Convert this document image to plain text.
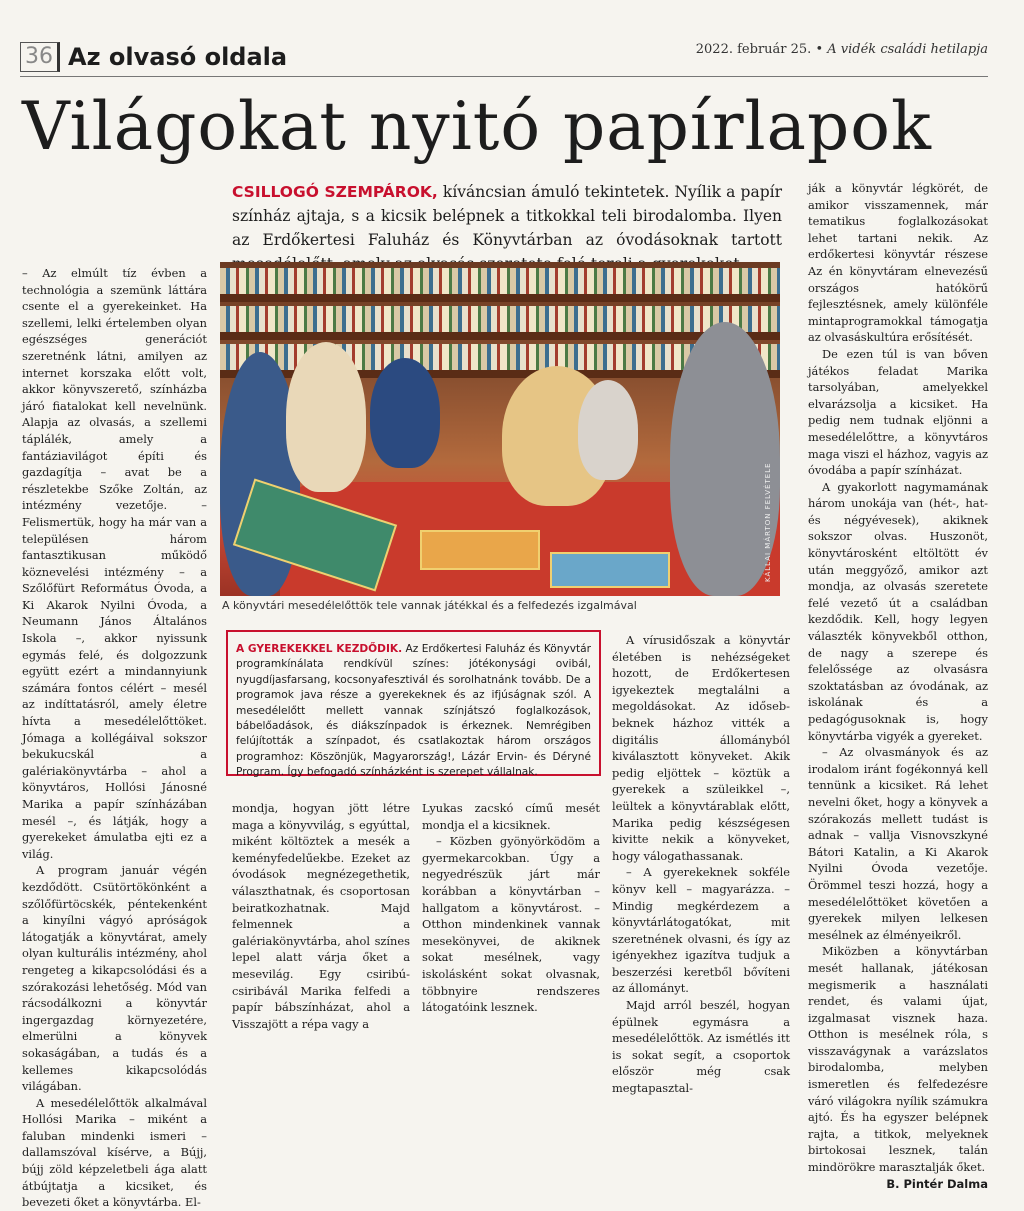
36 Az olvasó oldala	2022. február 25. • A vidék családi hetilapja
Világokat nyitó papírlapok

CSILLOGÓ SZEMPÁROK, kíváncsian ámuló tekintetek. Nyílik a papír színház ajtaja, s a kicsik belépnek a titkokkal teli birodalomba. Ilyen az Erdőkertesi Faluház és Könyvtárban az óvodásoknak tartott

– Az elmúlt tíz évben a technológia a szemünk láttára csente el a gyerekeinket. Ha szellemi, lelki értelemben olyan egészséges generációt szeretnénk látni, amilyen az internet korszaka előtt volt, akkor könyvszerető, színházba járó fiatalokat kell nevelnünk. Alapja az olvasás, a szellemi táplálék, amely a fantáziavilágot építi és gazdagítja – avat be a részletekbe Szőke Zoltán, az intézmény vezetője. – Felismertük, hogy ha már van a településen három fantasztikusan működő köznevelési intézmény – a Szőlőfürt Református Óvoda, a Ki Akarok Nyilni Óvoda, a Neumann János Általános Iskola –, akkor nyissunk egymás felé, és dolgozzunk együtt ezért a mindannyiunk számára fontos célért – mesél az indíttatásról, amely életre hívta a mesedélelőttöket. Jómaga a kollégáival sokszor bekukucskál a galériakönyvtárba – ahol a könyvtáros, Hollósi Jánosné Marika a papír színházában mesél –, és látják, hogy a gyerekeket ámulatba ejti ez a világ.

A program január végén kezdődött. Csütörtökönként a szőlőfürtöcskék, péntekenként a kinyílni vágyó apróságok látogatják a könyvtárat, amely olyan kulturális intézmény, ahol rengeteg a kikapcsolódási és a szórakozási lehetőség. Mód van rácsodálkozni a könyvtár ingergazdag környezetére, elmerülni a könyvek sokaságában, a tudás és a kellemes kikapcsolódás világában.

A mesedélelőttök alkalmával Hollósi Marika – miként a faluban mindenki ismeri – dallamszóval kísérve, a Bújj, bújj zöld képzeletbeli ága alatt átbújtatja a kicsiket, és bevezeti őket a könyvtárba. El-

KÁLLAI MÁRTON FELVÉTELE
A könyvtári mesedélelőttök tele vannak játékkal és a felfedezés izgalmával
A GYEREKEKKEL KEZDŐDIK. Az Erdőkertesi Faluház és Könyvtár programkínálata rendkívül színes: jótékonysági ovibál, nyugdíjasfarsang, kocsonyafesztivál és sorolhatnánk tovább. De a programok java része a gyerekeknek és az ifjúságnak szól. A mesedélelőtt mellett vannak színjátszó foglalkozások, bábelőadások, és diákszínpadok is érkeznek. Nemrégiben felújították a színpadot, és csatlakoztak három országos programhoz: Köszönjük, Magyarország!, Lázár Ervin- és Déryné Program. Így befogadó színházként is szerepet vállalnak.

mondja, hogyan jött létre maga a könyvvilág, s egyúttal, miként költöztek a mesék a keményfedelűekbe. Ezeket az óvodások megnézegethetik, választhatnak, és csoportosan beiratkozhatnak. Majd felmennek a galériakönyvtárba, ahol színes lepel alatt várja őket a mesevilág. Egy csiribú-csiribávál Marika felfedi a papír bábszínházat, ahol a Visszajött a répa vagy a

Lyukas zacskó című mesét mondja el a kicsiknek.

– Közben gyönyörködöm a gyermekarcokban. Úgy a negyedrészük járt már korábban a könyvtárban – hallgatom a könyvtárost. – Otthon mindenkinek vannak mesekönyvei, de akiknek sokat mesélnek, vagy iskolásként sokat olvasnak, többnyire rendszeres látogatóink lesznek.

A vírusidőszak a könyvtár életében is nehézségeket hozott, de Erdőkertesen igyekeztek megtalálni a megoldásokat. Az idősebbeknek házhoz vitték a digitális állományból kiválasztott könyveket. Akik pedig eljöttek – köztük a gyerekek a szüleikkel –, leültek a könyvtárablak előtt, Marika pedig készségesen kivitte nekik a könyveket, hogy válogathassanak.

– A gyerekeknek sokféle könyv kell – magyarázza. – Mindig megkérdezem a könyvtárlátogatókat, mit szeretnének olvasni, és így az igényekhez igazítva tudjuk a beszerzési keretből bővíteni az állományt.

Majd arról beszél, hogyan épülnek egymásra a mesedélelőttök. Az ismétlés itt is sokat segít, a csoportok először még csak megtapasztal-

ják a könyvtár légkörét, de amikor visszamennek, már tematikus foglalkozásokat lehet tartani nekik. Az erdőkertesi könyvtár részese Az én könyvtáram elnevezésű országos hatókörű fejlesztésnek, amely különféle mintaprogramokkal támogatja az olvasáskultúra erősítését.

De ezen túl is van bőven játékos feladat Marika tarsolyában, amelyekkel elvarázsolja a kicsiket. Ha pedig nem tudnak eljönni a mesedélelőttre, a könyvtáros maga viszi el házhoz, vagyis az óvodába a papír színházat.

A gyakorlott nagymamának három unokája van (hét-, hat- és négyévesek), akiknek sokszor olvas. Huszonöt, könyvtárosként eltöltött év után meggyőző, amikor azt mondja, az olvasás szeretete felé vezető út a családban kezdődik. Kell, hogy legyen választék könyvekből otthon, de nagy a szerepe és felelőssége az olvasásra szoktatásban az óvodának, az iskolának és a pedagógusoknak is, hogy könyvtárba vigyék a gyereket.

– Az olvasmányok és az irodalom iránt fogékonnyá kell tennünk a kicsiket. Rá lehet nevelni őket, hogy a könyvek a szórakozás mellett tudást is adnak – vallja Visnovszkyné Bátori Katalin, a Ki Akarok Nyilni Óvoda vezetője. Örömmel teszi hozzá, hogy a mesedélelőttöket követően a gyerekek milyen lelkesen mesélnek az élményeikről.

Miközben a könyvtárban mesét hallanak, játékosan megismerik a használati rendet, és valami újat, izgalmasat visznek haza. Otthon is mesélnek róla, s visszavágynak a varázslatos birodalomba, melyben ismeretlen és felfedezésre váró világokra nyílik számukra ajtó. És ha egyszer belépnek rajta, a titkok, melyeknek birtokosai lesznek, talán mindörökre marasztalják őket.

B. Pintér Dalma
